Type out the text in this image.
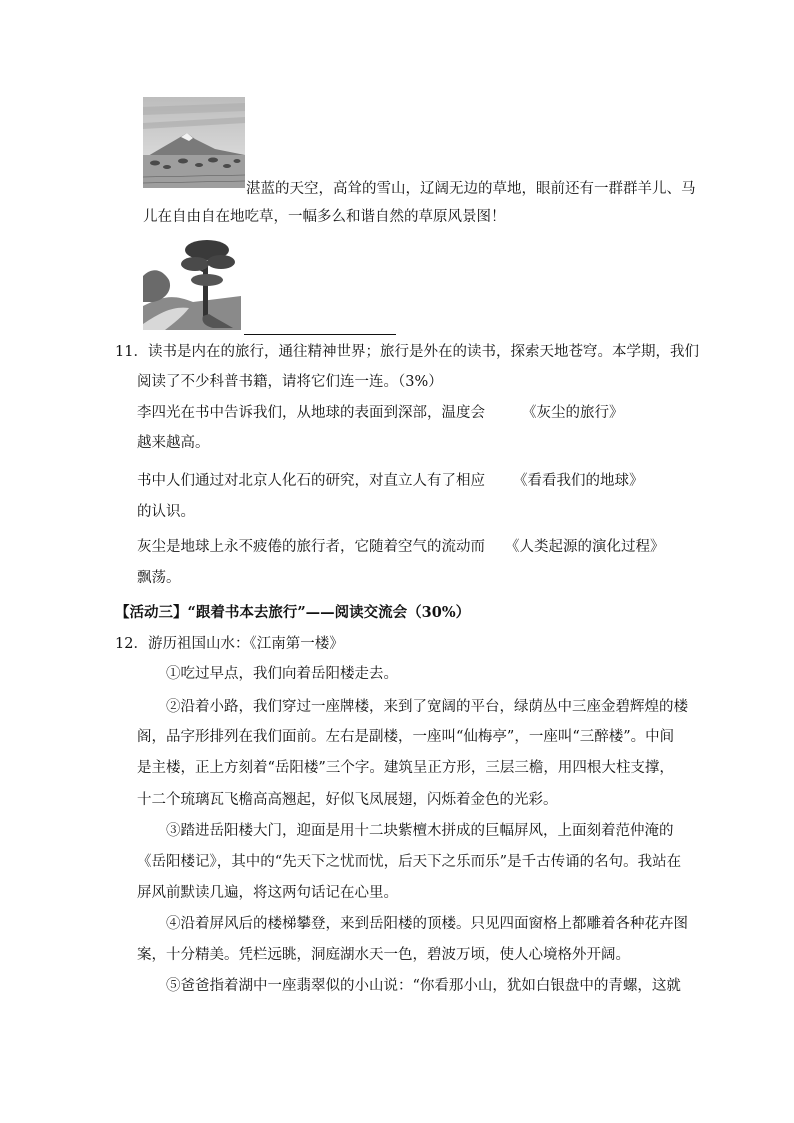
湛蓝的天空，高耸的雪山，辽阔无边的草地，眼前还有一群群羊儿、马
儿在自由自在地吃草，一幅多么和谐自然的草原风景图！
11．读书是内在的旅行，通往精神世界；旅行是外在的读书，探索天地苍穹。本学期，我们
阅读了不少科普书籍，请将它们连一连。（3%）
李四光在书中告诉我们，从地球的表面到深部，温度会
越来越高。
《灰尘的旅行》
书中人们通过对北京人化石的研究，对直立人有了相应
的认识。
《看看我们的地球》
灰尘是地球上永不疲倦的旅行者，它随着空气的流动而
飘荡。
《人类起源的演化过程》
【活动三】“跟着书本去旅行”——阅读交流会（30%）
12．游历祖国山水：《江南第一楼》
①吃过早点，我们向着岳阳楼走去。
②沿着小路，我们穿过一座牌楼，来到了宽阔的平台，绿荫丛中三座金碧辉煌的楼
阁，品字形排列在我们面前。左右是副楼，一座叫“仙梅亭”，一座叫“三醉楼”。中间
是主楼，正上方刻着“岳阳楼”三个字。建筑呈正方形，三层三檐，用四根大柱支撑，
十二个琉璃瓦飞檐高高翘起，好似飞凤展翅，闪烁着金色的光彩。
③踏进岳阳楼大门，迎面是用十二块紫檀木拼成的巨幅屏风，上面刻着范仲淹的
《岳阳楼记》，其中的“先天下之忧而忧，后天下之乐而乐”是千古传诵的名句。我站在
屏风前默读几遍，将这两句话记在心里。
④沿着屏风后的楼梯攀登，来到岳阳楼的顶楼。只见四面窗格上都雕着各种花卉图
案，十分精美。凭栏远眺，洞庭湖水天一色，碧波万顷，使人心境格外开阔。
⑤爸爸指着湖中一座翡翠似的小山说：“你看那小山，犹如白银盘中的青螺，这就
